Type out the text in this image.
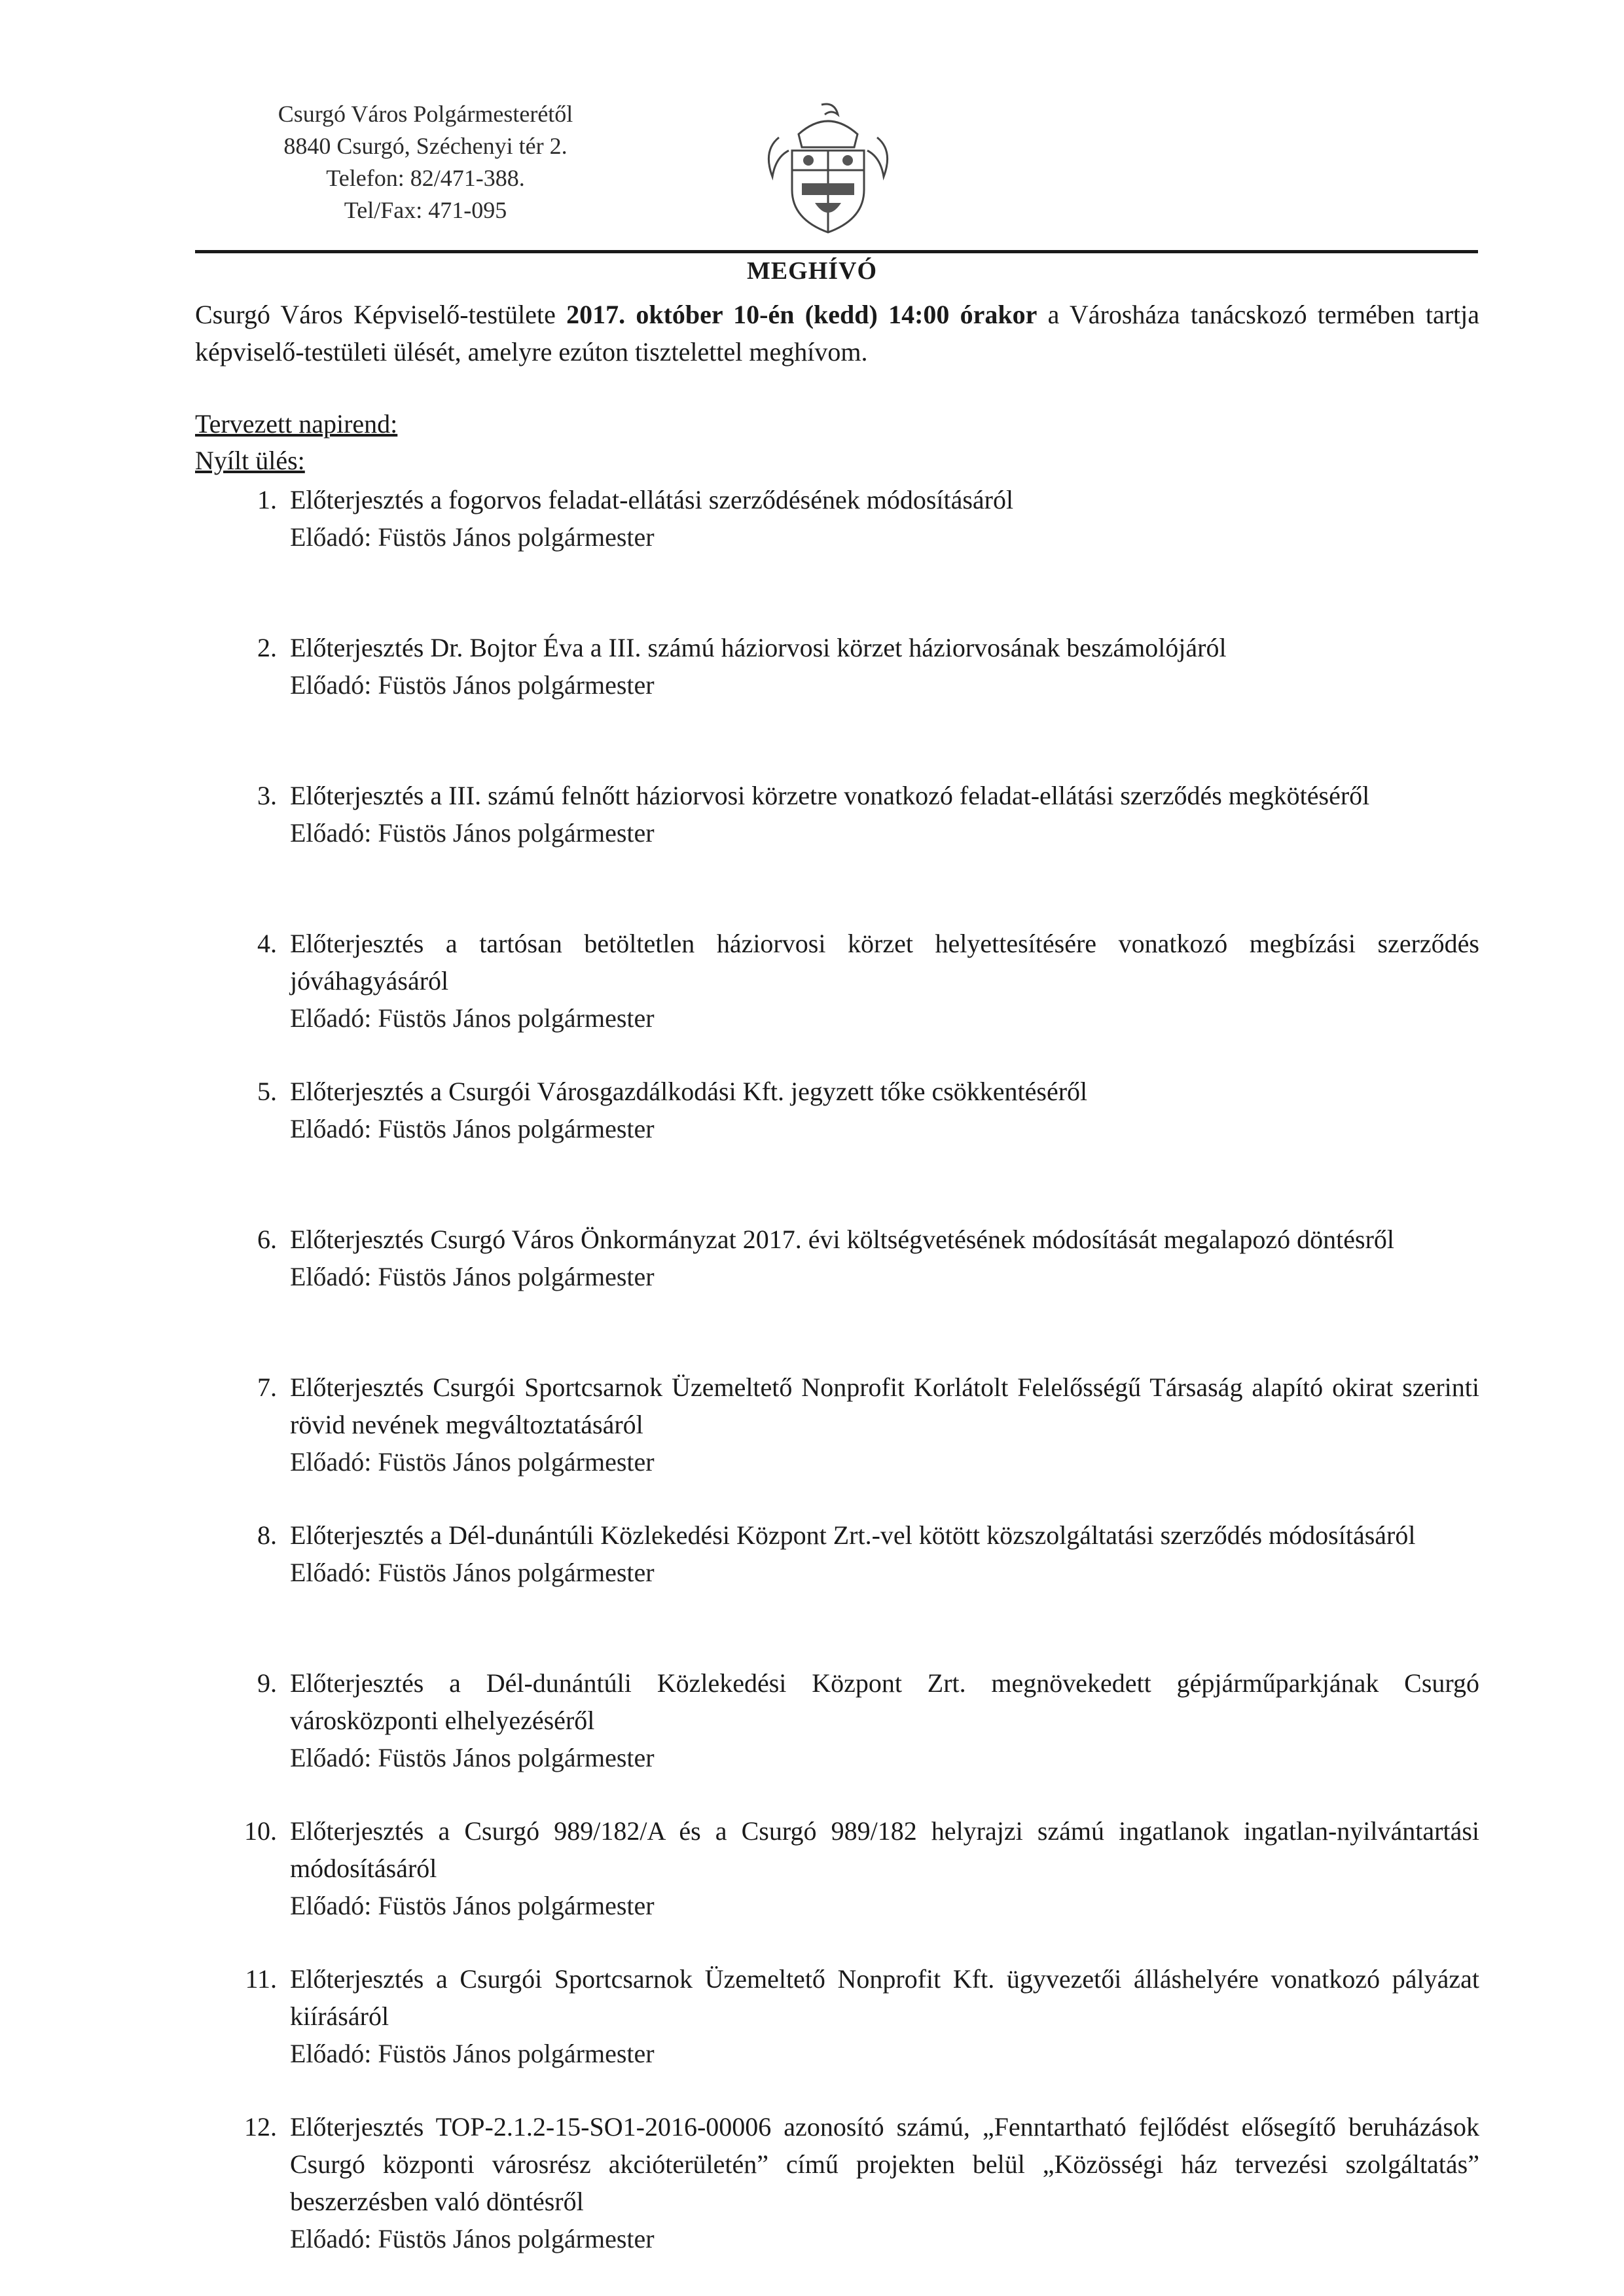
Csurgó Város Polgármesterétől
8840 Csurgó, Széchenyi tér 2.
Telefon: 82/471-388.
Tel/Fax: 471-095
MEGHÍVÓ
Csurgó Város Képviselő-testülete 2017. október 10-én (kedd) 14:00 órakor a Városháza tanácskozó termében tartja képviselő-testületi ülését, amelyre ezúton tisztelettel meghívom.
Tervezett napirend:
Nyílt ülés:
1. Előterjesztés a fogorvos feladat-ellátási szerződésének módosításáról
Előadó: Füstös János polgármester
2. Előterjesztés Dr. Bojtor Éva a III. számú háziorvosi körzet háziorvosának beszámolójáról
Előadó: Füstös János polgármester
3. Előterjesztés a III. számú felnőtt háziorvosi körzetre vonatkozó feladat-ellátási szerződés megkötéséről
Előadó: Füstös János polgármester
4. Előterjesztés a tartósan betöltetlen háziorvosi körzet helyettesítésére vonatkozó megbízási szerződés jóváhagyásáról
Előadó: Füstös János polgármester
5. Előterjesztés a Csurgói Városgazdálkodási Kft. jegyzett tőke csökkentéséről
Előadó: Füstös János polgármester
6. Előterjesztés Csurgó Város Önkormányzat 2017. évi költségvetésének módosítását megalapozó döntésről
Előadó: Füstös János polgármester
7. Előterjesztés Csurgói Sportcsarnok Üzemeltető Nonprofit Korlátolt Felelősségű Társaság alapító okirat szerinti rövid nevének megváltoztatásáról
Előadó: Füstös János polgármester
8. Előterjesztés a Dél-dunántúli Közlekedési Központ Zrt.-vel kötött közszolgáltatási szerződés módosításáról
Előadó: Füstös János polgármester
9. Előterjesztés a Dél-dunántúli Közlekedési Központ Zrt. megnövekedett gépjárműparkjának Csurgó városközponti elhelyezéséről
Előadó: Füstös János polgármester
10. Előterjesztés a Csurgó 989/182/A és a Csurgó 989/182 helyrajzi számú ingatlanok ingatlan-nyilvántartási módosításáról
Előadó: Füstös János polgármester
11. Előterjesztés a Csurgói Sportcsarnok Üzemeltető Nonprofit Kft. ügyvezetői álláshelyére vonatkozó pályázat kiírásáról
Előadó: Füstös János polgármester
12. Előterjesztés TOP-2.1.2-15-SO1-2016-00006 azonosító számú, „Fenntartható fejlődést elősegítő beruházások Csurgó központi városrész akcióterületén” című projekten belül „Közösségi ház tervezési szolgáltatás” beszerzésben való döntésről
Előadó: Füstös János polgármester
